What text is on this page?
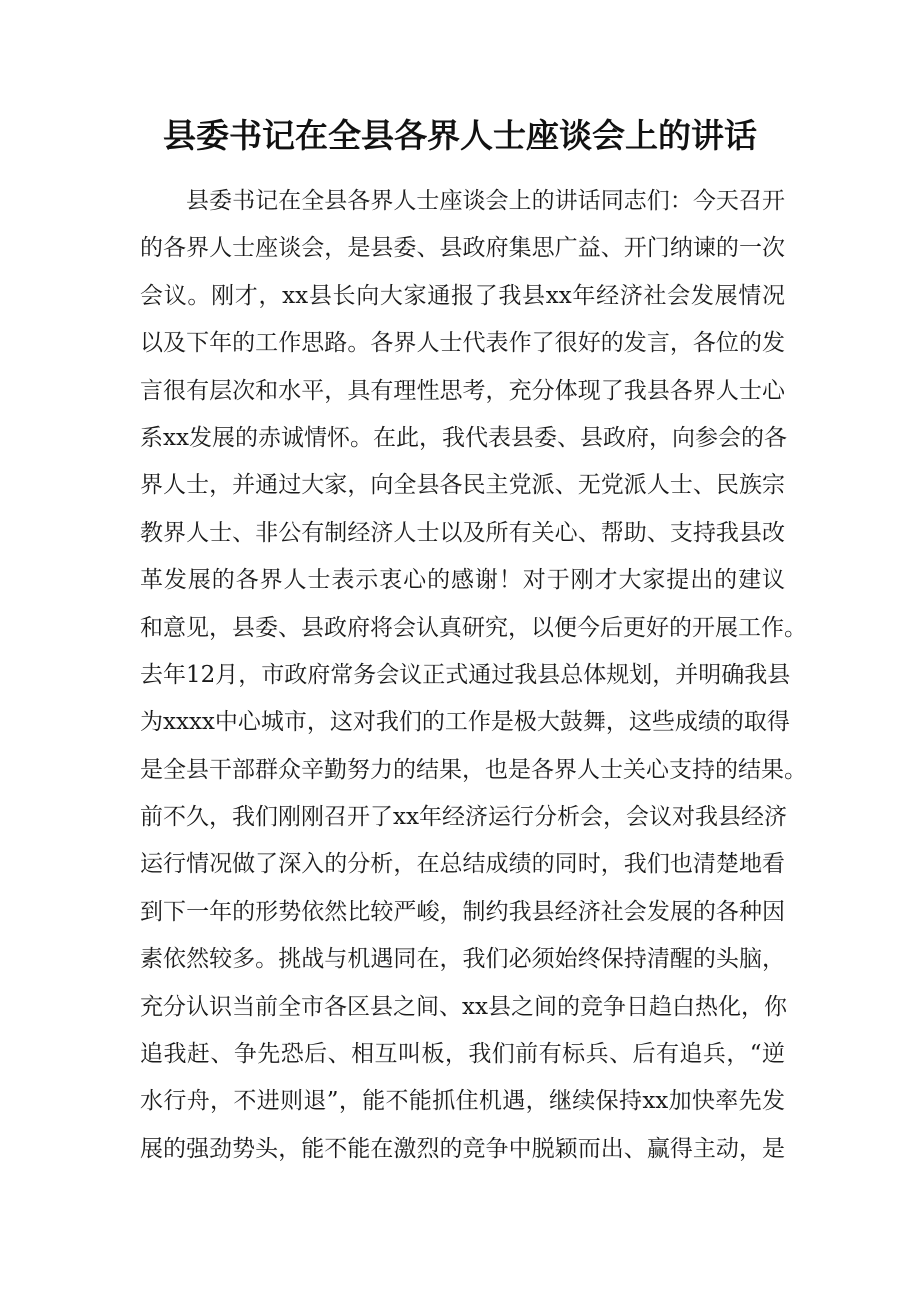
县委书记在全县各界人士座谈会上的讲话
县委书记在全县各界人士座谈会上的讲话同志们：今天召开
的各界人士座谈会，是县委、县政府集思广益、开门纳谏的一次
会议。刚才，xx县长向大家通报了我县xx年经济社会发展情况
以及下年的工作思路。各界人士代表作了很好的发言，各位的发
言很有层次和水平，具有理性思考，充分体现了我县各界人士心
系xx发展的赤诚情怀。在此，我代表县委、县政府，向参会的各
界人士，并通过大家，向全县各民主党派、无党派人士、民族宗
教界人士、非公有制经济人士以及所有关心、帮助、支持我县改
革发展的各界人士表示衷心的感谢！对于刚才大家提出的建议
和意见，县委、县政府将会认真研究，以便今后更好的开展工作。
去年12月，市政府常务会议正式通过我县总体规划，并明确我县
为xxxx中心城市，这对我们的工作是极大鼓舞，这些成绩的取得
是全县干部群众辛勤努力的结果，也是各界人士关心支持的结果。
前不久，我们刚刚召开了xx年经济运行分析会，会议对我县经济
运行情况做了深入的分析，在总结成绩的同时，我们也清楚地看
到下一年的形势依然比较严峻，制约我县经济社会发展的各种因
素依然较多。挑战与机遇同在，我们必须始终保持清醒的头脑，
充分认识当前全市各区县之间、xx县之间的竞争日趋白热化，你
追我赶、争先恐后、相互叫板，我们前有标兵、后有追兵，“逆
水行舟，不进则退”，能不能抓住机遇，继续保持xx加快率先发
展的强劲势头，能不能在激烈的竞争中脱颖而出、赢得主动，是
